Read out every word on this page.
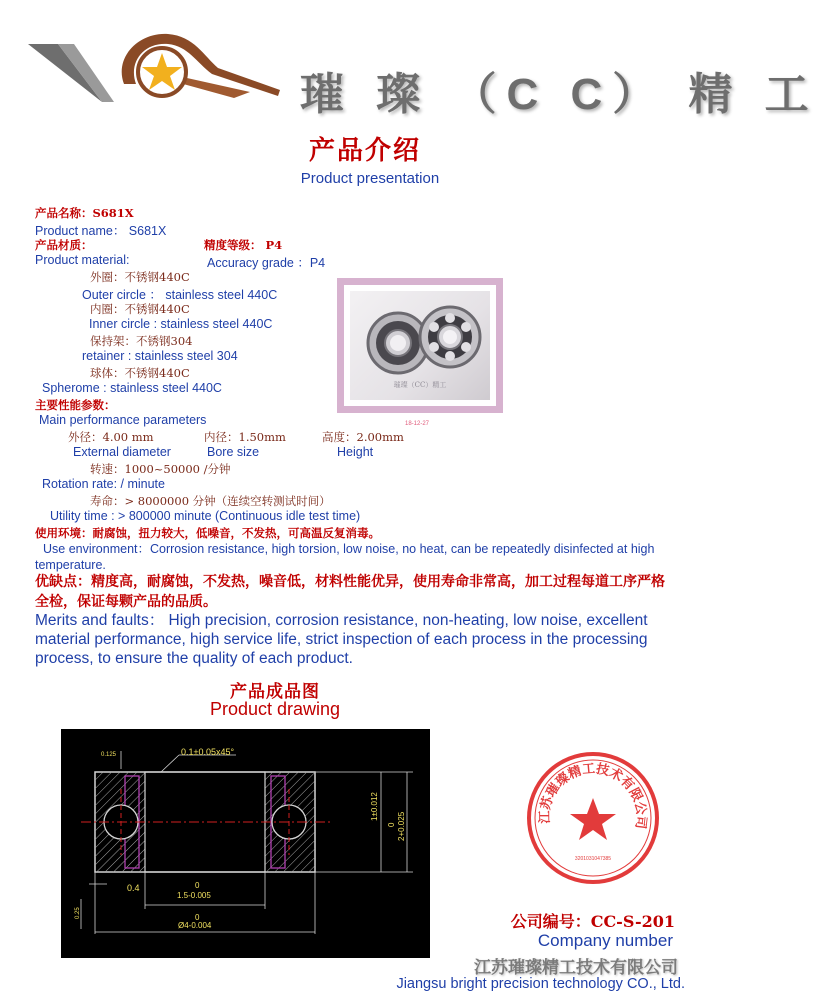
璀 璨 （C C） 精 工
产品介绍
Product presentation
产品名称：S681X
Product name： S681X
产品材质：	精度等级： P4
Product material:	Accuracy grade ：P4
外圈：不锈钢440C
Outer circle ： stainless steel 440C
内圈：不锈钢440C
Inner circle : stainless steel 440C
保持架：不锈钢304
retainer : stainless steel 304
球体：不锈钢440C
Spherome : stainless steel 440C	璀璨（CC）精工
18-12-27
主要性能参数：
Main performance parameters
外径：4.00 mm	内径：1.50mm	高度：2.00mm
External diameter	Bore size	Height
转速：1000~50000 /分钟
Rotation rate: / minute
寿命：> 8000000 分钟（连续空转测试时间）
Utility time : > 800000 minute (Continuous idle test time)
使用环境：耐腐蚀，扭力较大，低噪音，不发热，可高温反复消毒。
Use environment：Corrosion resistance, high torsion, low noise, no heat, can be repeatedly disinfected at high temperature.
优缺点：精度高，耐腐蚀，不发热，噪音低，材料性能优异，使用寿命非常高，加工过程每道工序严格全检，保证每颗产品的品质。
Merits and faults： High precision, corrosion resistance, non-heating, low noise, excellent material performance, high service life, strict inspection of each process in the processing process, to ensure the quality of each product.
产品成品图
Product drawing
0.1±0.05x45°
0.125
1±0.012
0 2+0.025
0.4
0.25
0
1.5-0.005
0
Ø4-0.004
江苏璀璨精工技术有限公司
3201031047385
公司编号：CC-S-201
Company number
江苏璀璨精工技术有限公司
Jiangsu bright precision technology CO., Ltd.
